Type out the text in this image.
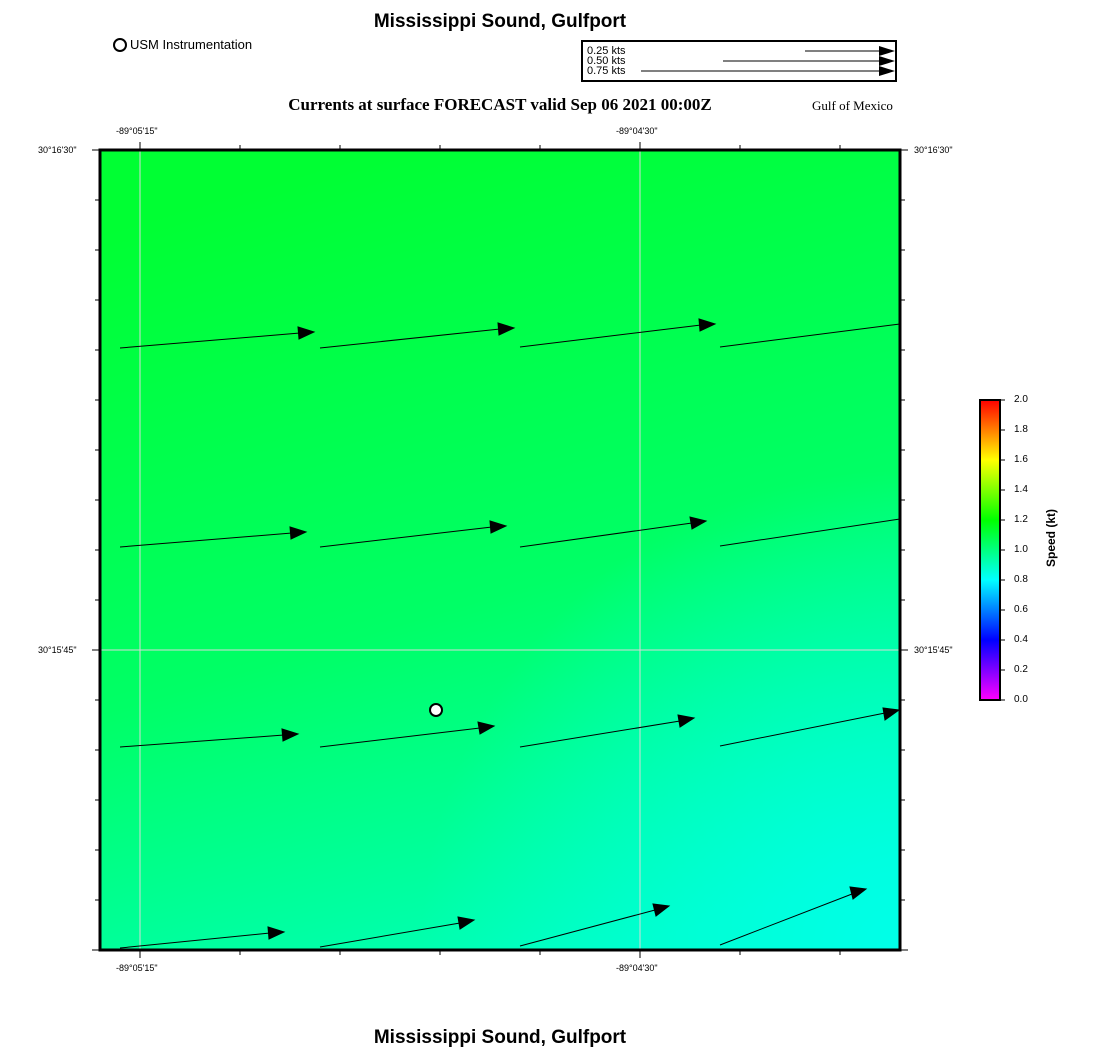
Mississippi Sound, Gulfport
USM Instrumentation	0.25 kts
0.50 kts
0.75 kts
Currents at surface FORECAST valid Sep 06 2021 00:00Z	Gulf of Mexico
-89°05'15"	-89°04'30"
-89°05'15"	-89°04'30"
30°16'30"
30°15'45"
30°16'30"
30°15'45"
2.0
1.8
1.6
1.4
1.2
1.0
0.8
0.6
0.4
0.2
0.0
Speed (kt)
Mississippi Sound, Gulfport
